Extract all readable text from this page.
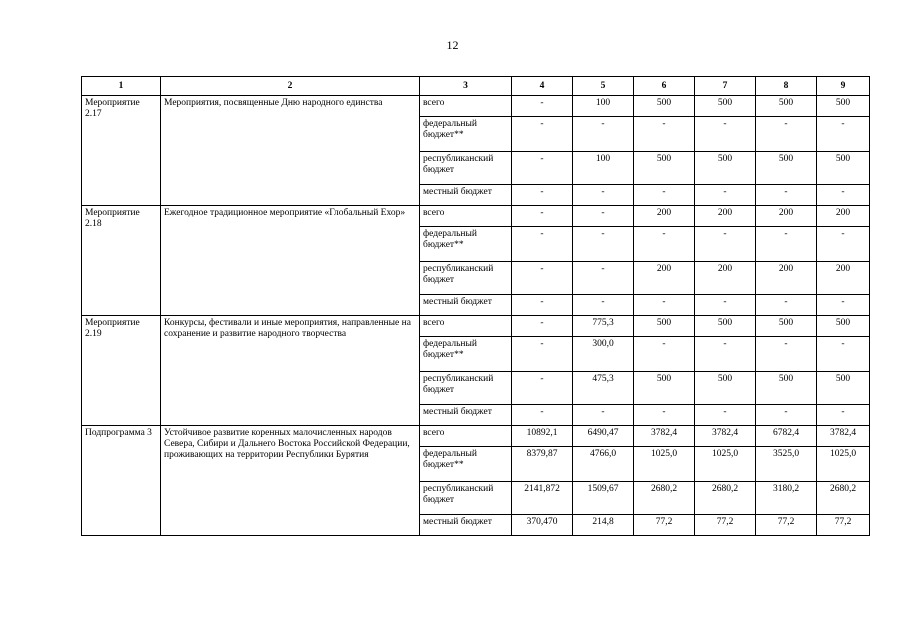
12
1	2	3	4	5	6	7	8	9
Мероприятие 2.17	Мероприятия, посвященные Дню народного единства	всего	-	100	500	500	500	500
		федеральный бюджет**	-	-	-	-	-	-
		республиканский бюджет	-	100	500	500	500	500
		местный бюджет	-	-	-	-	-	-
Мероприятие 2.18	Ежегодное традиционное мероприятие «Глобальный Ехор»	всего	-	-	200	200	200	200
		федеральный бюджет**	-	-	-	-	-	-
		республиканский бюджет	-	-	200	200	200	200
		местный бюджет	-	-	-	-	-	-
Мероприятие 2.19	Конкурсы, фестивали и иные мероприятия, направленные на сохранение и развитие народного творчества	всего	-	775,3	500	500	500	500
		федеральный бюджет**	-	300,0	-	-	-	-
		республиканский бюджет	-	475,3	500	500	500	500
		местный бюджет	-	-	-	-	-	-
Подпрограмма 3	Устойчивое развитие коренных малочисленных народов Севера, Сибири и Дальнего Востока Российской Федерации, проживающих на территории Республики Бурятия	всего	10892,1	6490,47	3782,4	3782,4	6782,4	3782,4
		федеральный бюджет**	8379,87	4766,0	1025,0	1025,0	3525,0	1025,0
		республиканский бюджет	2141,872	1509,67	2680,2	2680,2	3180,2	2680,2
		местный бюджет	370,470	214,8	77,2	77,2	77,2	77,2
